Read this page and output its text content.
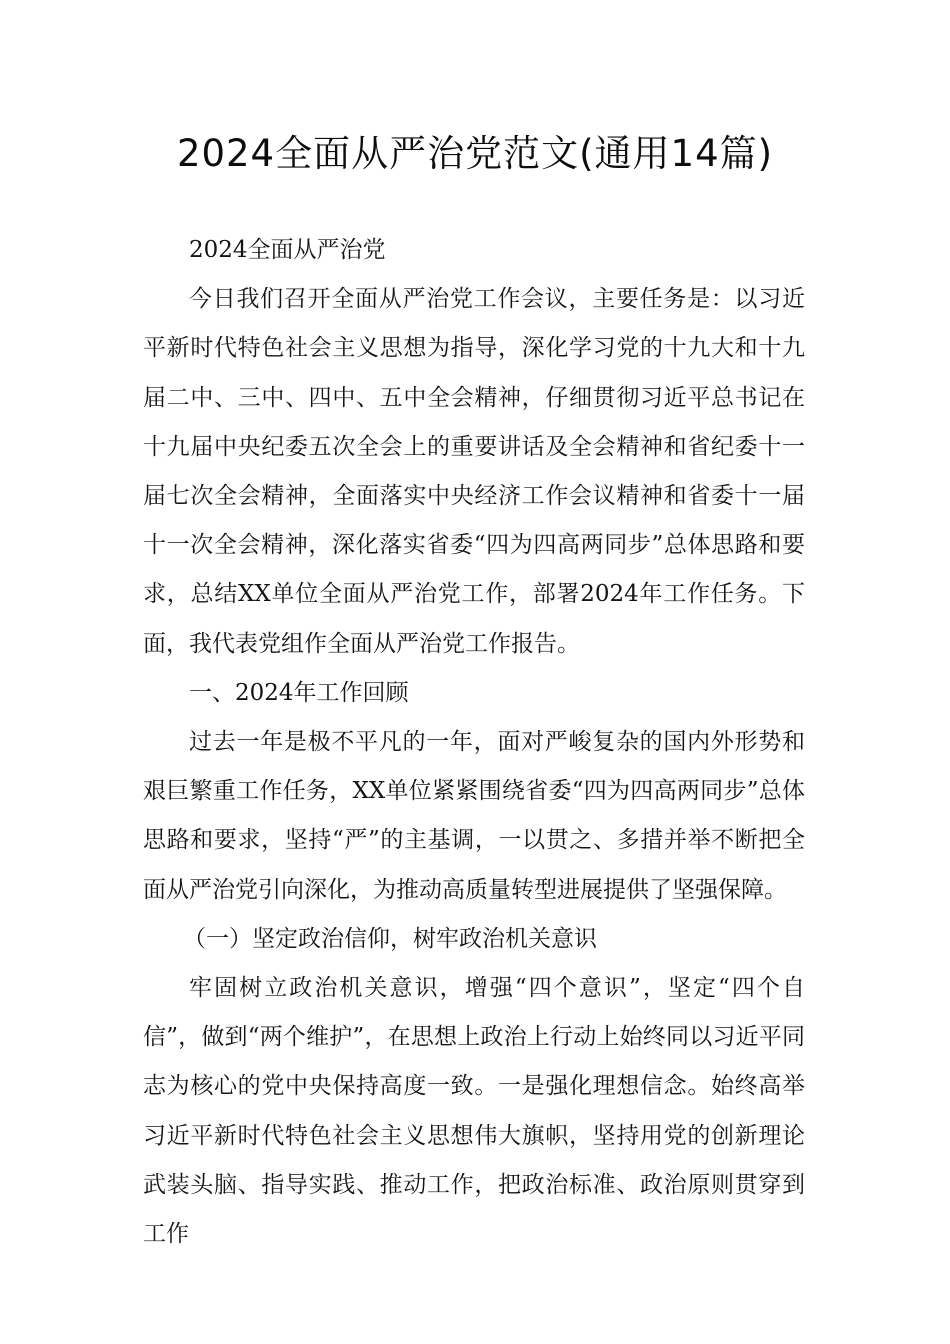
2024全面从严治党范文(通用14篇)

2024全面从严治党

今日我们召开全面从严治党工作会议，主要任务是：以习近平新时代特色社会主义思想为指导，深化学习党的十九大和十九届二中、三中、四中、五中全会精神，仔细贯彻习近平总书记在十九届中央纪委五次全会上的重要讲话及全会精神和省纪委十一届七次全会精神，全面落实中央经济工作会议精神和省委十一届十一次全会精神，深化落实省委“四为四高两同步”总体思路和要求，总结XX单位全面从严治党工作，部署2024年工作任务。下面，我代表党组作全面从严治党工作报告。

一、2024年工作回顾

过去一年是极不平凡的一年，面对严峻复杂的国内外形势和艰巨繁重工作任务，XX单位紧紧围绕省委“四为四高两同步”总体思路和要求，坚持“严”的主基调，一以贯之、多措并举不断把全面从严治党引向深化，为推动高质量转型进展提供了坚强保障。

（一）坚定政治信仰，树牢政治机关意识

牢固树立政治机关意识，增强“四个意识”，坚定“四个自信”，做到“两个维护”，在思想上政治上行动上始终同以习近平同志为核心的党中央保持高度一致。一是强化理想信念。始终高举习近平新时代特色社会主义思想伟大旗帜，坚持用党的创新理论武装头脑、指导实践、推动工作，把政治标准、政治原则贯穿到工作
